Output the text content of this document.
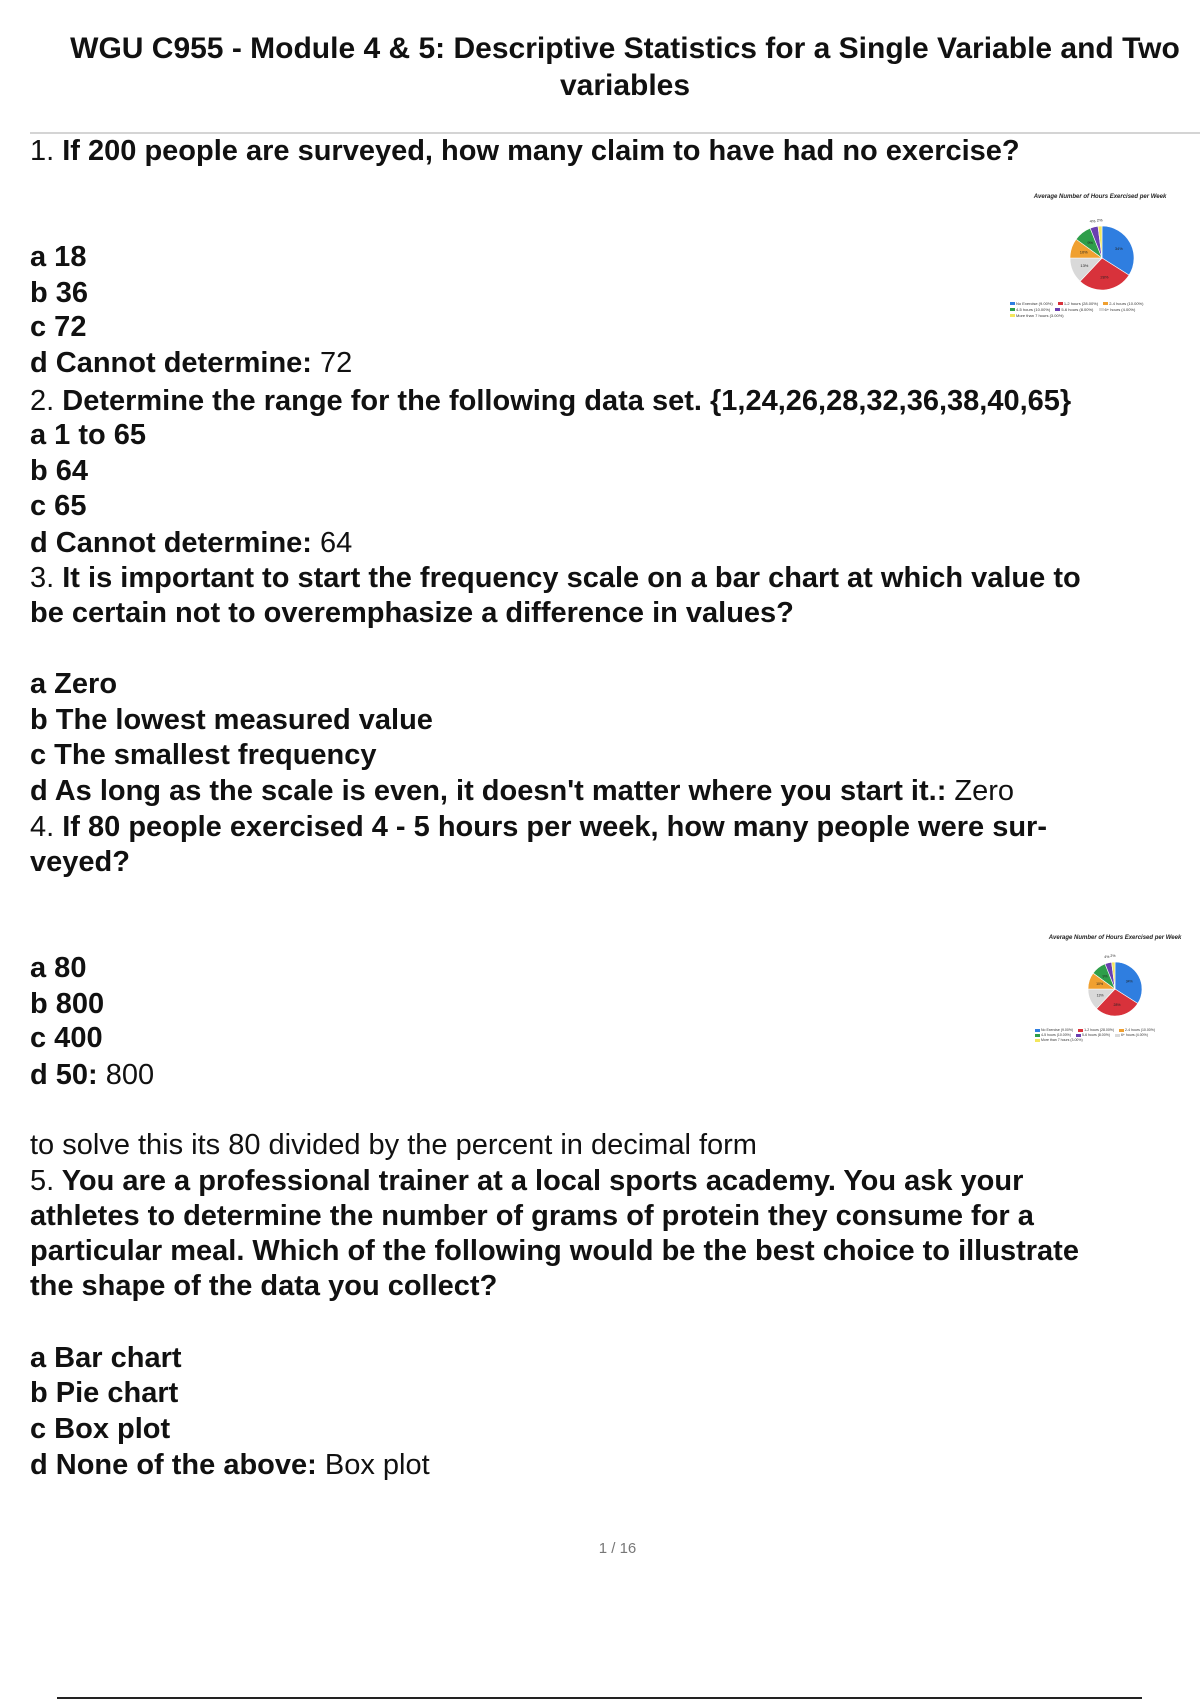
WGU C955 - Module 4 & 5: Descriptive Statistics for a Single Variable and Two
variables
1. If 200 people are surveyed, how many claim to have had no exercise?
Average Number of Hours Exercised per Week
34%
28%
13%
10%
9%
4% 2%
No Exercise (9.00%)	1-2 hours (28.00%)	2-4 hours (10.00%)
4-5 hours (10.00%)	5-6 hours (8.00%)	6+ hours (4.00%)
More than 7 hours (3.00%)
a 18
b 36
c 72
d Cannot determine: 72
2. Determine the range for the following data set. {1,24,26,28,32,36,38,40,65}
a 1 to 65
b 64
c 65
d Cannot determine: 64
3. It is important to start the frequency scale on a bar chart at which value to
be certain not to overemphasize a difference in values?
a Zero
b The lowest measured value
c The smallest frequency
d As long as the scale is even, it doesn't matter where you start it.: Zero
4. If 80 people exercised 4 - 5 hours per week, how many people were sur-
veyed?
Average Number of Hours Exercised per Week
34%
28%
13%
10%
9%
4% 2%
No Exercise (9.00%)	1-2 hours (28.00%)	2-4 hours (10.00%)
4-5 hours (10.00%)	5-6 hours (8.00%)	6+ hours (4.00%)
More than 7 hours (3.00%)
a 80
b 800
c 400
d 50: 800
to solve this its 80 divided by the percent in decimal form
5. You are a professional trainer at a local sports academy. You ask your
athletes to determine the number of grams of protein they consume for a
particular meal. Which of the following would be the best choice to illustrate
the shape of the data you collect?
a Bar chart
b Pie chart
c Box plot
d None of the above: Box plot
1 / 16
